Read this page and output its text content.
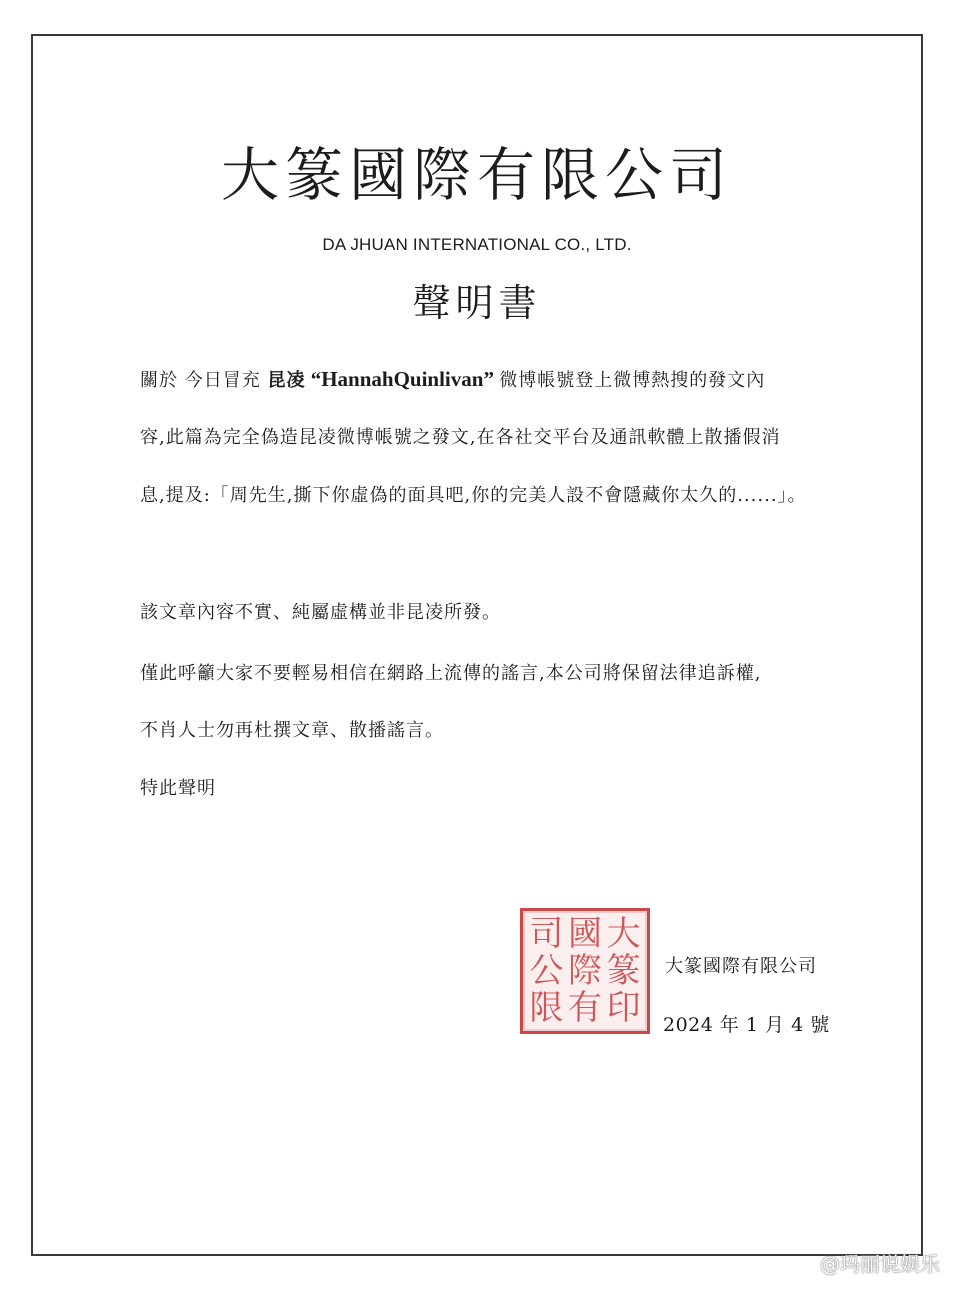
大篆國際有限公司
DA JHUAN INTERNATIONAL CO., LTD.
聲明書
關於 今日冒充 昆凌 “HannahQuinlivan” 微博帳號登上微博熱搜的發文內
容,此篇為完全偽造昆凌微博帳號之發文,在各社交平台及通訊軟體上散播假消
息,提及:「周先生,撕下你虛偽的面具吧,你的完美人設不會隱藏你太久的......」。
該文章內容不實、純屬虛構並非昆凌所發。
僅此呼籲大家不要輕易相信在網路上流傳的謠言,本公司將保留法律追訴權,
不肖人士勿再杜撰文章、散播謠言。
特此聲明
司 國 大
公 際 篆
限 有 印
大篆國際有限公司
2024 年 1 月 4 號
@玛丽说娱乐
